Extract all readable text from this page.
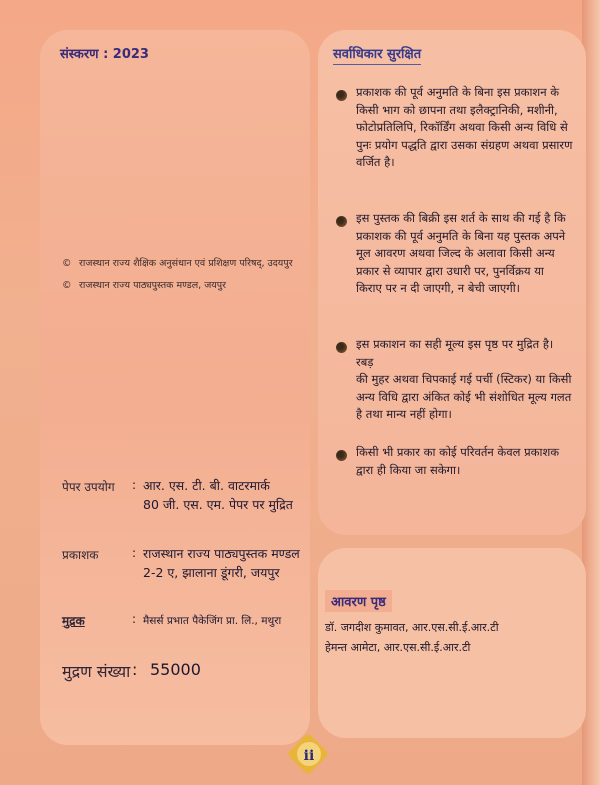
संस्करण : 2023
© राजस्थान राज्य शैक्षिक अनुसंधान एवं प्रशिक्षण परिषद्, उदयपुर
© राजस्थान राज्य पाठ्यपुस्तक मण्डल, जयपुर
पेपर उपयोग : आर. एस. टी. बी. वाटरमार्क
80 जी. एस. एम. पेपर पर मुद्रित
प्रकाशक	: राजस्थान राज्य पाठ्यपुस्तक मण्डल
2-2 ए, झालाना डूंगरी, जयपुर
मुद्रक	: मैसर्स प्रभात पैकेजिंग प्रा. लि., मथुरा
मुद्रण संख्या : 55000
सर्वाधिकार सुरक्षित
प्रकाशक की पूर्व अनुमति के बिना इस प्रकाशन के
किसी भाग को छापना तथा इलैक्ट्रानिकी, मशीनी,
फोटोप्रतिलिपि, रिकॉर्डिंग अथवा किसी अन्य विधि से
पुनः प्रयोग पद्धति द्वारा उसका संग्रहण अथवा प्रसारण
वर्जित है।
इस पुस्तक की बिक्री इस शर्त के साथ की गई है कि
प्रकाशक की पूर्व अनुमति के बिना यह पुस्तक अपने
मूल आवरण अथवा जिल्द के अलावा किसी अन्य
प्रकार से व्यापार द्वारा उधारी पर, पुनर्विक्रय या
किराए पर न दी जाएगी, न बेची जाएगी।
इस प्रकाशन का सही मूल्य इस पृष्ठ पर मुद्रित है। रबड़
की मुहर अथवा चिपकाई गई पर्ची (स्टिकर) या किसी
अन्य विधि द्वारा अंकित कोई भी संशोधित मूल्य गलत
है तथा मान्य नहीं होगा।
किसी भी प्रकार का कोई परिवर्तन केवल प्रकाशक
द्वारा ही किया जा सकेगा।
आवरण पृष्ठ
डॉ. जगदीश कुमावत, आर.एस.सी.ई.आर.टी
हेमन्त आमेटा, आर.एस.सी.ई.आर.टी
ii
